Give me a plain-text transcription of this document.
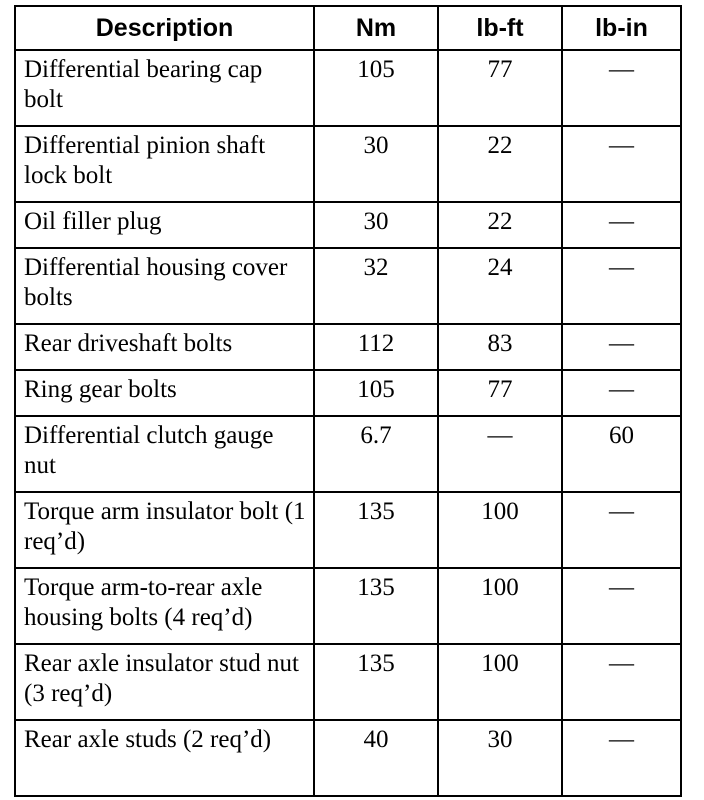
Description	Nm	lb-ft	lb-in
Differential bearing cap bolt	105	77	—
Differential pinion shaft lock bolt	30	22	—
Oil filler plug	30	22	—
Differential housing cover bolts	32	24	—
Rear driveshaft bolts	112	83	—
Ring gear bolts	105	77	—
Differential clutch gauge nut	6.7	—	60
Torque arm insulator bolt (1 req’d)	135	100	—
Torque arm-to-rear axle housing bolts (4 req’d)	135	100	—
Rear axle insulator stud nut (3 req’d)	135	100	—
Rear axle studs (2 req’d)	40	30	—
